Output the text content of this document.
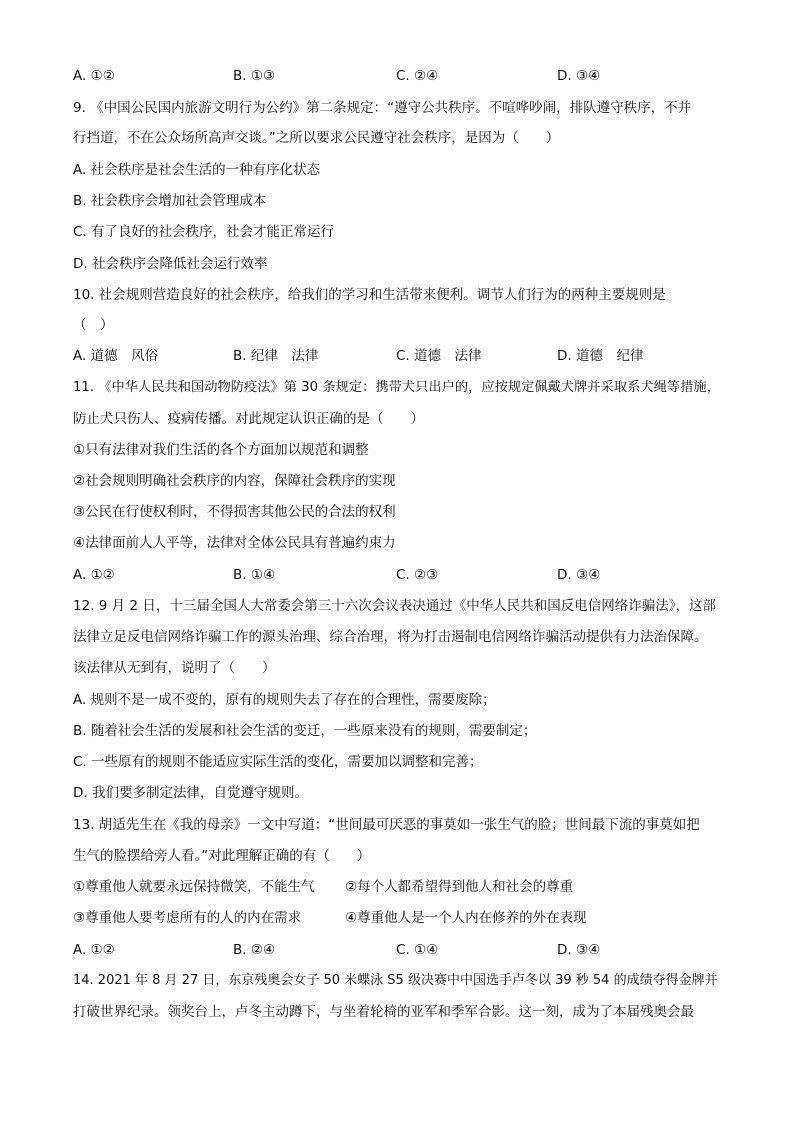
A. ①②	B. ①③	C. ②④	D. ③④
9. 《中国公民国内旅游文明行为公约》第二条规定：“遵守公共秩序。不喧哗吵闹，排队遵守秩序，不并
行挡道，不在公众场所高声交谈。”之所以要求公民遵守社会秩序，是因为（　　）
A. 社会秩序是社会生活的一种有序化状态
B. 社会秩序会增加社会管理成本
C. 有了良好的社会秩序，社会才能正常运行
D. 社会秩序会降低社会运行效率
10. 社会规则营造良好的社会秩序，给我们的学习和生活带来便利。调节人们行为的两种主要规则是
（　）
A. 道德　风俗	B. 纪律　法律	C. 道德　法律	D. 道德　纪律
11. 《中华人民共和国动物防疫法》第 30 条规定：携带犬只出户的，应按规定佩戴犬牌并采取系犬绳等措施，
防止犬只伤人、疫病传播。对此规定认识正确的是（　　）
①只有法律对我们生活的各个方面加以规范和调整
②社会规则明确社会秩序的内容，保障社会秩序的实现
③公民在行使权利时，不得损害其他公民的合法的权利
④法律面前人人平等，法律对全体公民具有普遍约束力
A. ①②	B. ①④	C. ②③	D. ③④
12. 9 月 2 日，十三届全国人大常委会第三十六次会议表决通过《中华人民共和国反电信网络诈骗法》，这部
法律立足反电信网络诈骗工作的源头治理、综合治理，将为打击遏制电信网络诈骗活动提供有力法治保障。
该法律从无到有，说明了（　　）
A. 规则不是一成不变的，原有的规则失去了存在的合理性，需要废除；
B. 随着社会生活的发展和社会生活的变迁，一些原来没有的规则，需要制定；
C. 一些原有的规则不能适应实际生活的变化，需要加以调整和完善；
D. 我们要多制定法律，自觉遵守规则。
13. 胡适先生在《我的母亲》一文中写道：“世间最可厌恶的事莫如一张生气的脸；世间最下流的事莫如把
生气的脸摆给旁人看。”对此理解正确的有（　　）
①尊重他人就要永远保持微笑，不能生气 ②每个人都希望得到他人和社会的尊重
③尊重他人要考虑所有的人的内在需求	④尊重他人是一个人内在修养的外在表现
A. ①②	B. ②④	C. ①④	D. ③④
14. 2021 年 8 月 27 日，东京残奥会女子 50 米蝶泳 S5 级决赛中中国选手卢冬以 39 秒 54 的成绩夺得金牌并
打破世界纪录。领奖台上，卢冬主动蹲下，与坐着轮椅的亚军和季军合影。这一刻，成为了本届残奥会最
